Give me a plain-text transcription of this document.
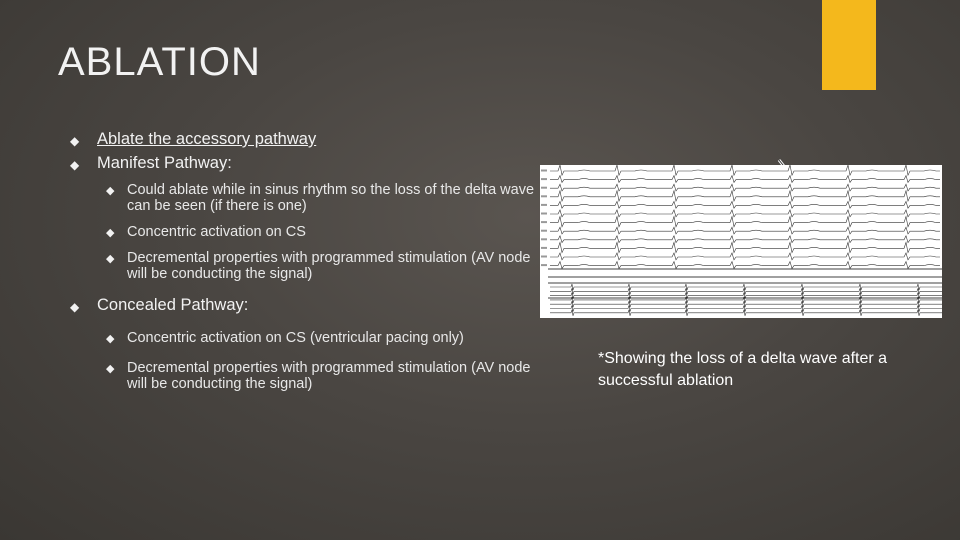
ABLATION
◆ Ablate the accessory pathway
◆ Manifest Pathway:
◆ Could ablate while in sinus rhythm so the loss of the delta wave can be seen (if there is one)
◆ Concentric activation on CS
◆ Decremental properties with programmed stimulation (AV node will be conducting the signal)
◆ Concealed Pathway:
◆ Concentric activation on CS (ventricular pacing only)
◆ Decremental properties with programmed stimulation (AV node will be conducting the signal)
*Showing the loss of a delta wave after a successful ablation
